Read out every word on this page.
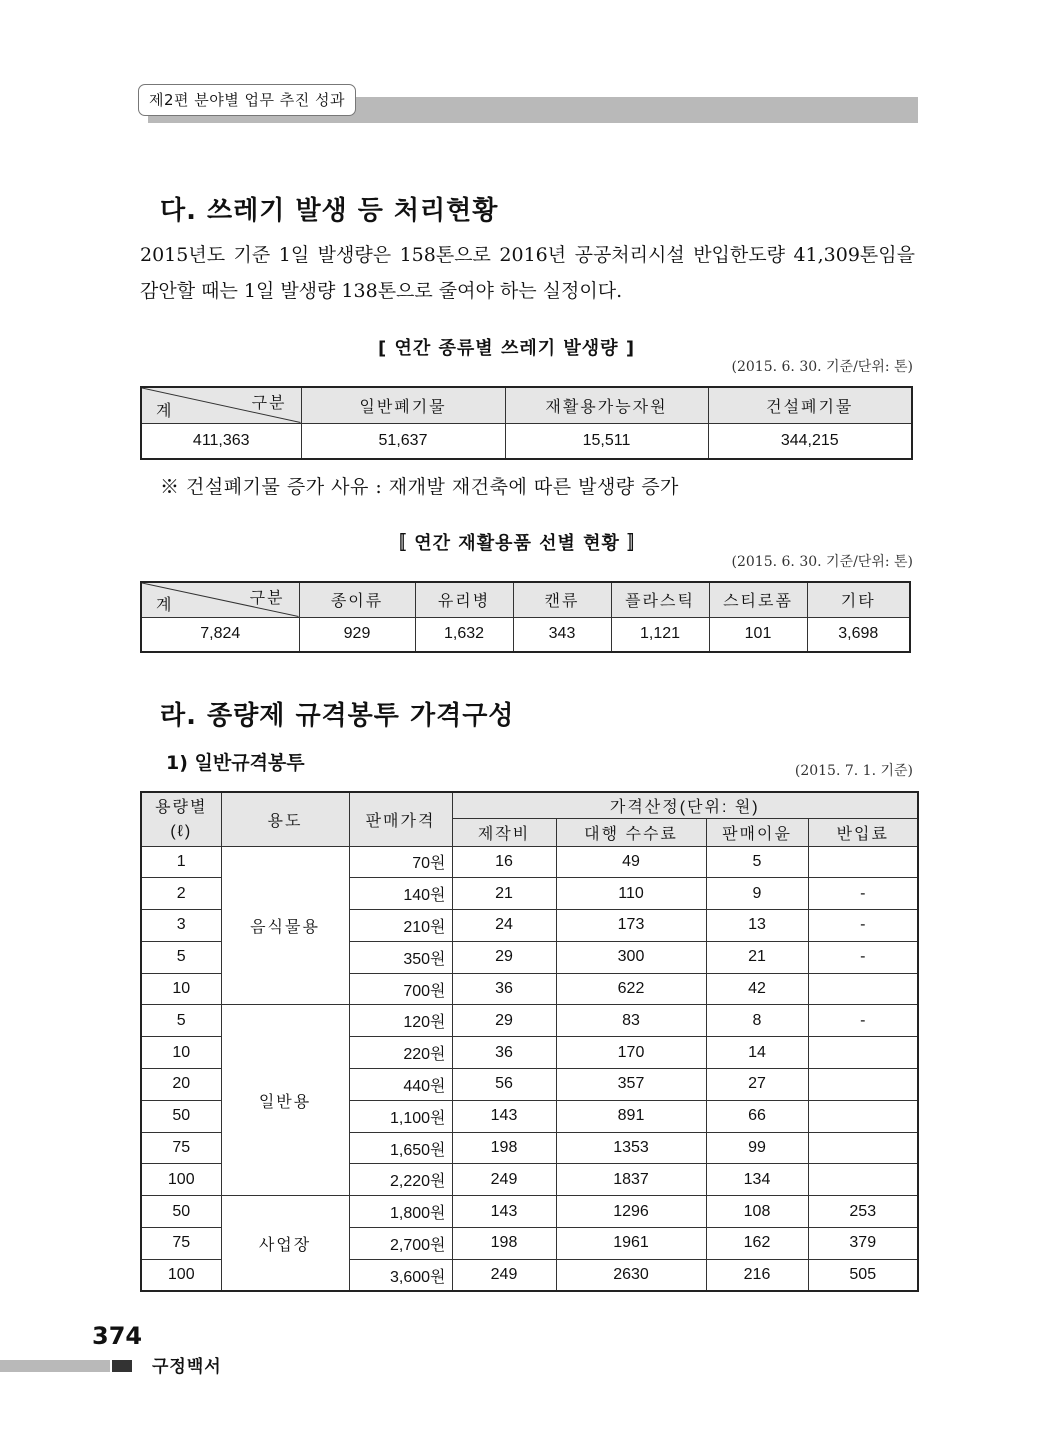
제2편 분야별 업무 추진 성과
다. 쓰레기 발생 등 처리현황
2015년도 기준 1일 발생량은 158톤으로 2016년 공공처리시설 반입한도량 41,309톤임을 감안할 때는 1일 발생량 138톤으로 줄여야 하는 실정이다.
[ 연간 종류별 쓰레기 발생량 ]
(2015. 6. 30. 기준/단위: 톤)
구분
계	일반폐기물	재활용가능자원	건설폐기물
411,363	51,637	15,511	344,215
※ 건설폐기물 증가 사유 : 재개발 재건축에 따른 발생량 증가
〚 연간 재활용품 선별 현황 〛
(2015. 6. 30. 기준/단위: 톤)
구분
계	종이류	유리병	캔류	플라스틱	스티로폼	기타
7,824	929	1,632	343	1,121	101	3,698
라. 종량제 규격봉투 가격구성
1) 일반규격봉투	(2015. 7. 1. 기준)
용량별	용도	판매가격	가격산정(단위: 원)			
(ℓ)			제작비	대행 수수료	판매이윤	반입료
1	음식물용	70원	16	49	5	
2		140원	21	110	9	-
3		210원	24	173	13	-
5		350원	29	300	21	-
10		700원	36	622	42	
5	일반용	120원	29	83	8	-
10		220원	36	170	14	
20		440원	56	357	27	
50		1,100원	143	891	66	
75		1,650원	198	1353	99	
100		2,220원	249	1837	134	
50	사업장	1,800원	143	1296	108	253
75		2,700원	198	1961	162	379
100		3,600원	249	2630	216	505
374
구정백서
